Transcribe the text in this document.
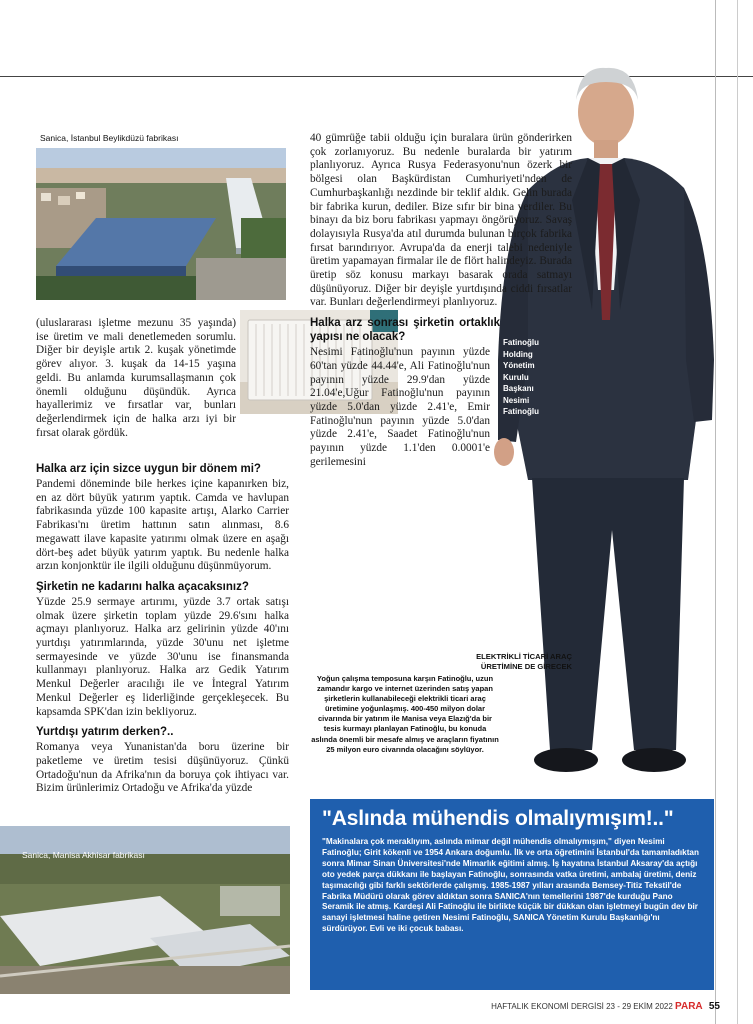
Sanica, İstanbul Beylikdüzü fabrikası
Fatinoğlu
Holding
Yönetim
Kurulu
Başkanı
Nesimi
Fatinoğlu

(uluslararası işletme mezunu 35 yaşında) ise üretim ve mali denetlemeden sorumlu. Diğer bir deyişle artık 2. kuşak yönetimde görev alıyor. 3. kuşak da 14-15 yaşına geldi. Bu anlamda kurumsallaşmanın çok önemli olduğunu düşündük. Ayrıca hayallerimiz ve fırsatlar var, bunları değerlendirmek için de halka arzı iyi bir fırsat olarak gördük.

Halka arz için sizce uygun bir dönem mi?

Pandemi döneminde bile herkes içine kapanırken biz, en az dört büyük yatırım yaptık. Camda ve havlupan fabrikasında yüzde 100 kapasite artışı, Alarko Carrier Fabrikası'nı üretim hattının satın alınması, 8.6 megawatt ilave kapasite yatırımı olmak üzere en aşağı dört-beş adet büyük yatırım yaptık. Bu nedenle halka arzın konjonktür ile ilgili olduğunu düşünmüyorum.

Şirketin ne kadarını halka açacaksınız?

Yüzde 25.9 sermaye artırımı, yüzde 3.7 ortak satışı olmak üzere şirketin toplam yüzde 29.6'sını halka açmayı planlıyoruz. Halka arz gelirinin yüzde 40'ını yurtdışı yatırımlarında, yüzde 30'unu net işletme sermayesinde ve yüzde 30'unu ise finansmanda kullanmayı planlıyoruz. Halka arz Gedik Yatırım Menkul Değerler aracılığı ile ve İntegral Yatırım Menkul Değerler eş liderliğinde gerçekleşecek. Bu kapsamda SPK'dan izin bekliyoruz.

Yurtdışı yatırım derken?..

Romanya veya Yunanistan'da boru üzerine bir paketleme ve üretim tesisi düşünüyoruz. Çünkü Ortadoğu'nun da Afrika'nın da boruya çok ihtiyacı var. Bizim ürünlerimiz Ortadoğu ve Afrika'da yüzde

Sanica, Manisa Akhisar fabrikası

40 gümrüğe tabii olduğu için buralara ürün gönderirken çok zorlanıyoruz. Bu nedenle buralarda bir yatırım planlıyoruz. Ayrıca Rusya Federasyonu'nun özerk bir bölgesi olan Başkürdistan Cumhuriyeti'nden de Cumhurbaşkanlığı nezdinde bir teklif aldık. Gelin burada bir fabrika kurun, dediler. Bize sıfır bir bina verdiler. Bu binayı da biz boru fabrikası yapmayı öngörüyoruz. Savaş dolayısıyla Rusya'da atıl durumda bulunan birçok fabrika fırsat barındırıyor. Avrupa'da da enerji talebi nedeniyle üretim yapamayan firmalar ile de flört halindeyiz. Burada üretip söz konusu markayı basarak orada satmayı düşünüyoruz. Diğer bir deyişle yurtdışında ciddi fırsatlar var. Bunları değerlendirmeyi planlıyoruz.

Halka arz sonrası şirketin ortaklık yapısı ne olacak?

Nesimi Fatinoğlu'nun payının yüzde 60'tan yüzde 44.44'e, Ali Fatinoğlu'nun payının yüzde 29.9'dan yüzde 21.04'e,Uğur Fatinoğlu'nun payının yüzde 5.0'dan yüzde 2.41'e, Emir Fatinoğlu'nun payının yüzde 5.0'dan yüzde 2.41'e, Saadet Fatinoğlu'nun payının yüzde 1.1'den 0.0001'e gerilemesini

ELEKTRİKLİ TİCARİ ARAÇ
ÜRETİMİNE DE GİRECEK
Yoğun çalışma temposuna karşın Fatinoğlu, uzun zamandır kargo ve internet üzerinden satış yapan şirketlerin kullanabileceği elektrikli ticari araç üretimine yoğunlaşmış. 400-450 milyon dolar civarında bir yatırım ile Manisa veya Elazığ'da bir tesis kurmayı planlayan Fatinoğlu, bu konuda aslında önemli bir mesafe almış ve araçların fiyatının 25 milyon euro civarında olacağını söylüyor.
"Aslında mühendis olmalıymışım!.."
"Makinalara çok meraklıyım, aslında mimar değil mühendis olmalıymışım," diyen Nesimi Fatinoğlu; Girit kökenli ve 1954 Ankara doğumlu. İlk ve orta öğretimini İstanbul'da tamamladıktan sonra Mimar Sinan Üniversitesi'nde Mimarlık eğitimi almış. İş hayatına İstanbul Aksaray'da açtığı oto yedek parça dükkanı ile başlayan Fatinoğlu, sonrasında vatka üretimi, ambalaj üretimi, deniz taşımacılığı gibi farklı sektörlerde çalışmış. 1985-1987 yılları arasında Bemsey-Titiz Tekstil'de Fabrika Müdürü olarak görev aldıktan sonra SANICA'nın temellerini 1987'de kurduğu Pano Seramik ile atmış. Kardeşi Ali Fatinoğlu ile birlikte küçük bir dükkan olan işletmeyi bugün dev bir sanayi işletmesi haline getiren Nesimi Fatinoğlu, SANICA Yönetim Kurulu Başkanlığı'nı sürdürüyor. Evli ve iki çocuk babası.
HAFTALIK EKONOMİ DERGİSİ 23 - 29 EKİM 2022 PARA 55
